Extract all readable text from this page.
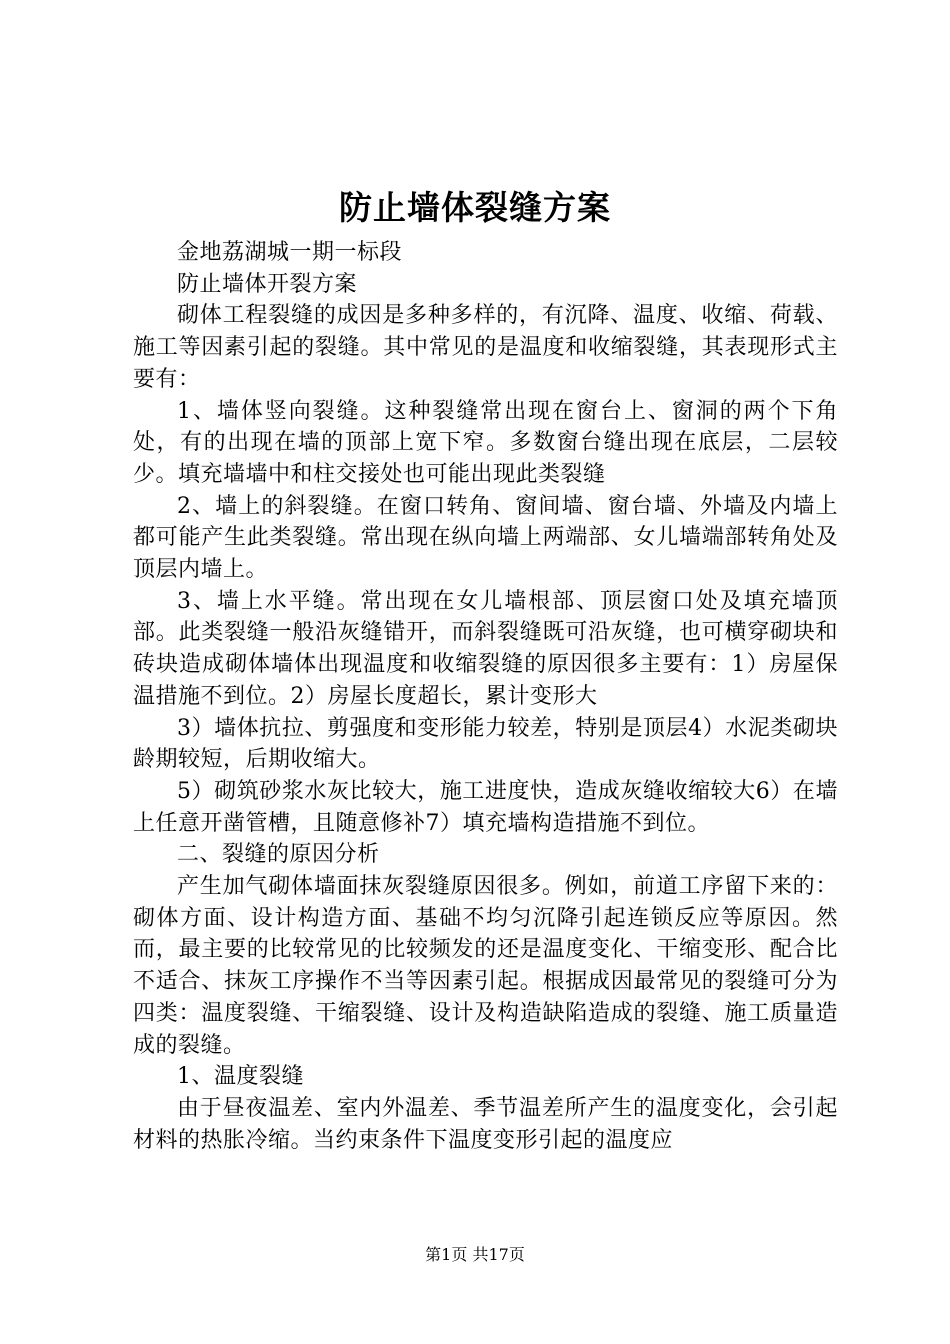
防止墙体裂缝方案

金地荔湖城一期一标段

防止墙体开裂方案

砌体工程裂缝的成因是多种多样的，有沉降、温度、收缩、荷载、施工等因素引起的裂缝。其中常见的是温度和收缩裂缝，其表现形式主要有：

1、墙体竖向裂缝。这种裂缝常出现在窗台上、窗洞的两个下角处，有的出现在墙的顶部上宽下窄。多数窗台缝出现在底层，二层较少。填充墙墙中和柱交接处也可能出现此类裂缝

2、墙上的斜裂缝。在窗口转角、窗间墙、窗台墙、外墙及内墙上都可能产生此类裂缝。常出现在纵向墙上两端部、女儿墙端部转角处及顶层内墙上。

3、墙上水平缝。常出现在女儿墙根部、顶层窗口处及填充墙顶部。此类裂缝一般沿灰缝错开，而斜裂缝既可沿灰缝，也可横穿砌块和砖块造成砌体墙体出现温度和收缩裂缝的原因很多主要有：1）房屋保温措施不到位。2）房屋长度超长，累计变形大

3）墙体抗拉、剪强度和变形能力较差，特别是顶层4）水泥类砌块龄期较短，后期收缩大。

5）砌筑砂浆水灰比较大，施工进度快，造成灰缝收缩较大6）在墙上任意开凿管槽，且随意修补7）填充墙构造措施不到位。

二、裂缝的原因分析

产生加气砌体墙面抹灰裂缝原因很多。例如，前道工序留下来的：砌体方面、设计构造方面、基础不均匀沉降引起连锁反应等原因。然而，最主要的比较常见的比较频发的还是温度变化、干缩变形、配合比不适合、抹灰工序操作不当等因素引起。根据成因最常见的裂缝可分为四类：温度裂缝、干缩裂缝、设计及构造缺陷造成的裂缝、施工质量造成的裂缝。

1、温度裂缝

由于昼夜温差、室内外温差、季节温差所产生的温度变化，会引起材料的热胀冷缩。当约束条件下温度变形引起的温度应

第1页 共17页
